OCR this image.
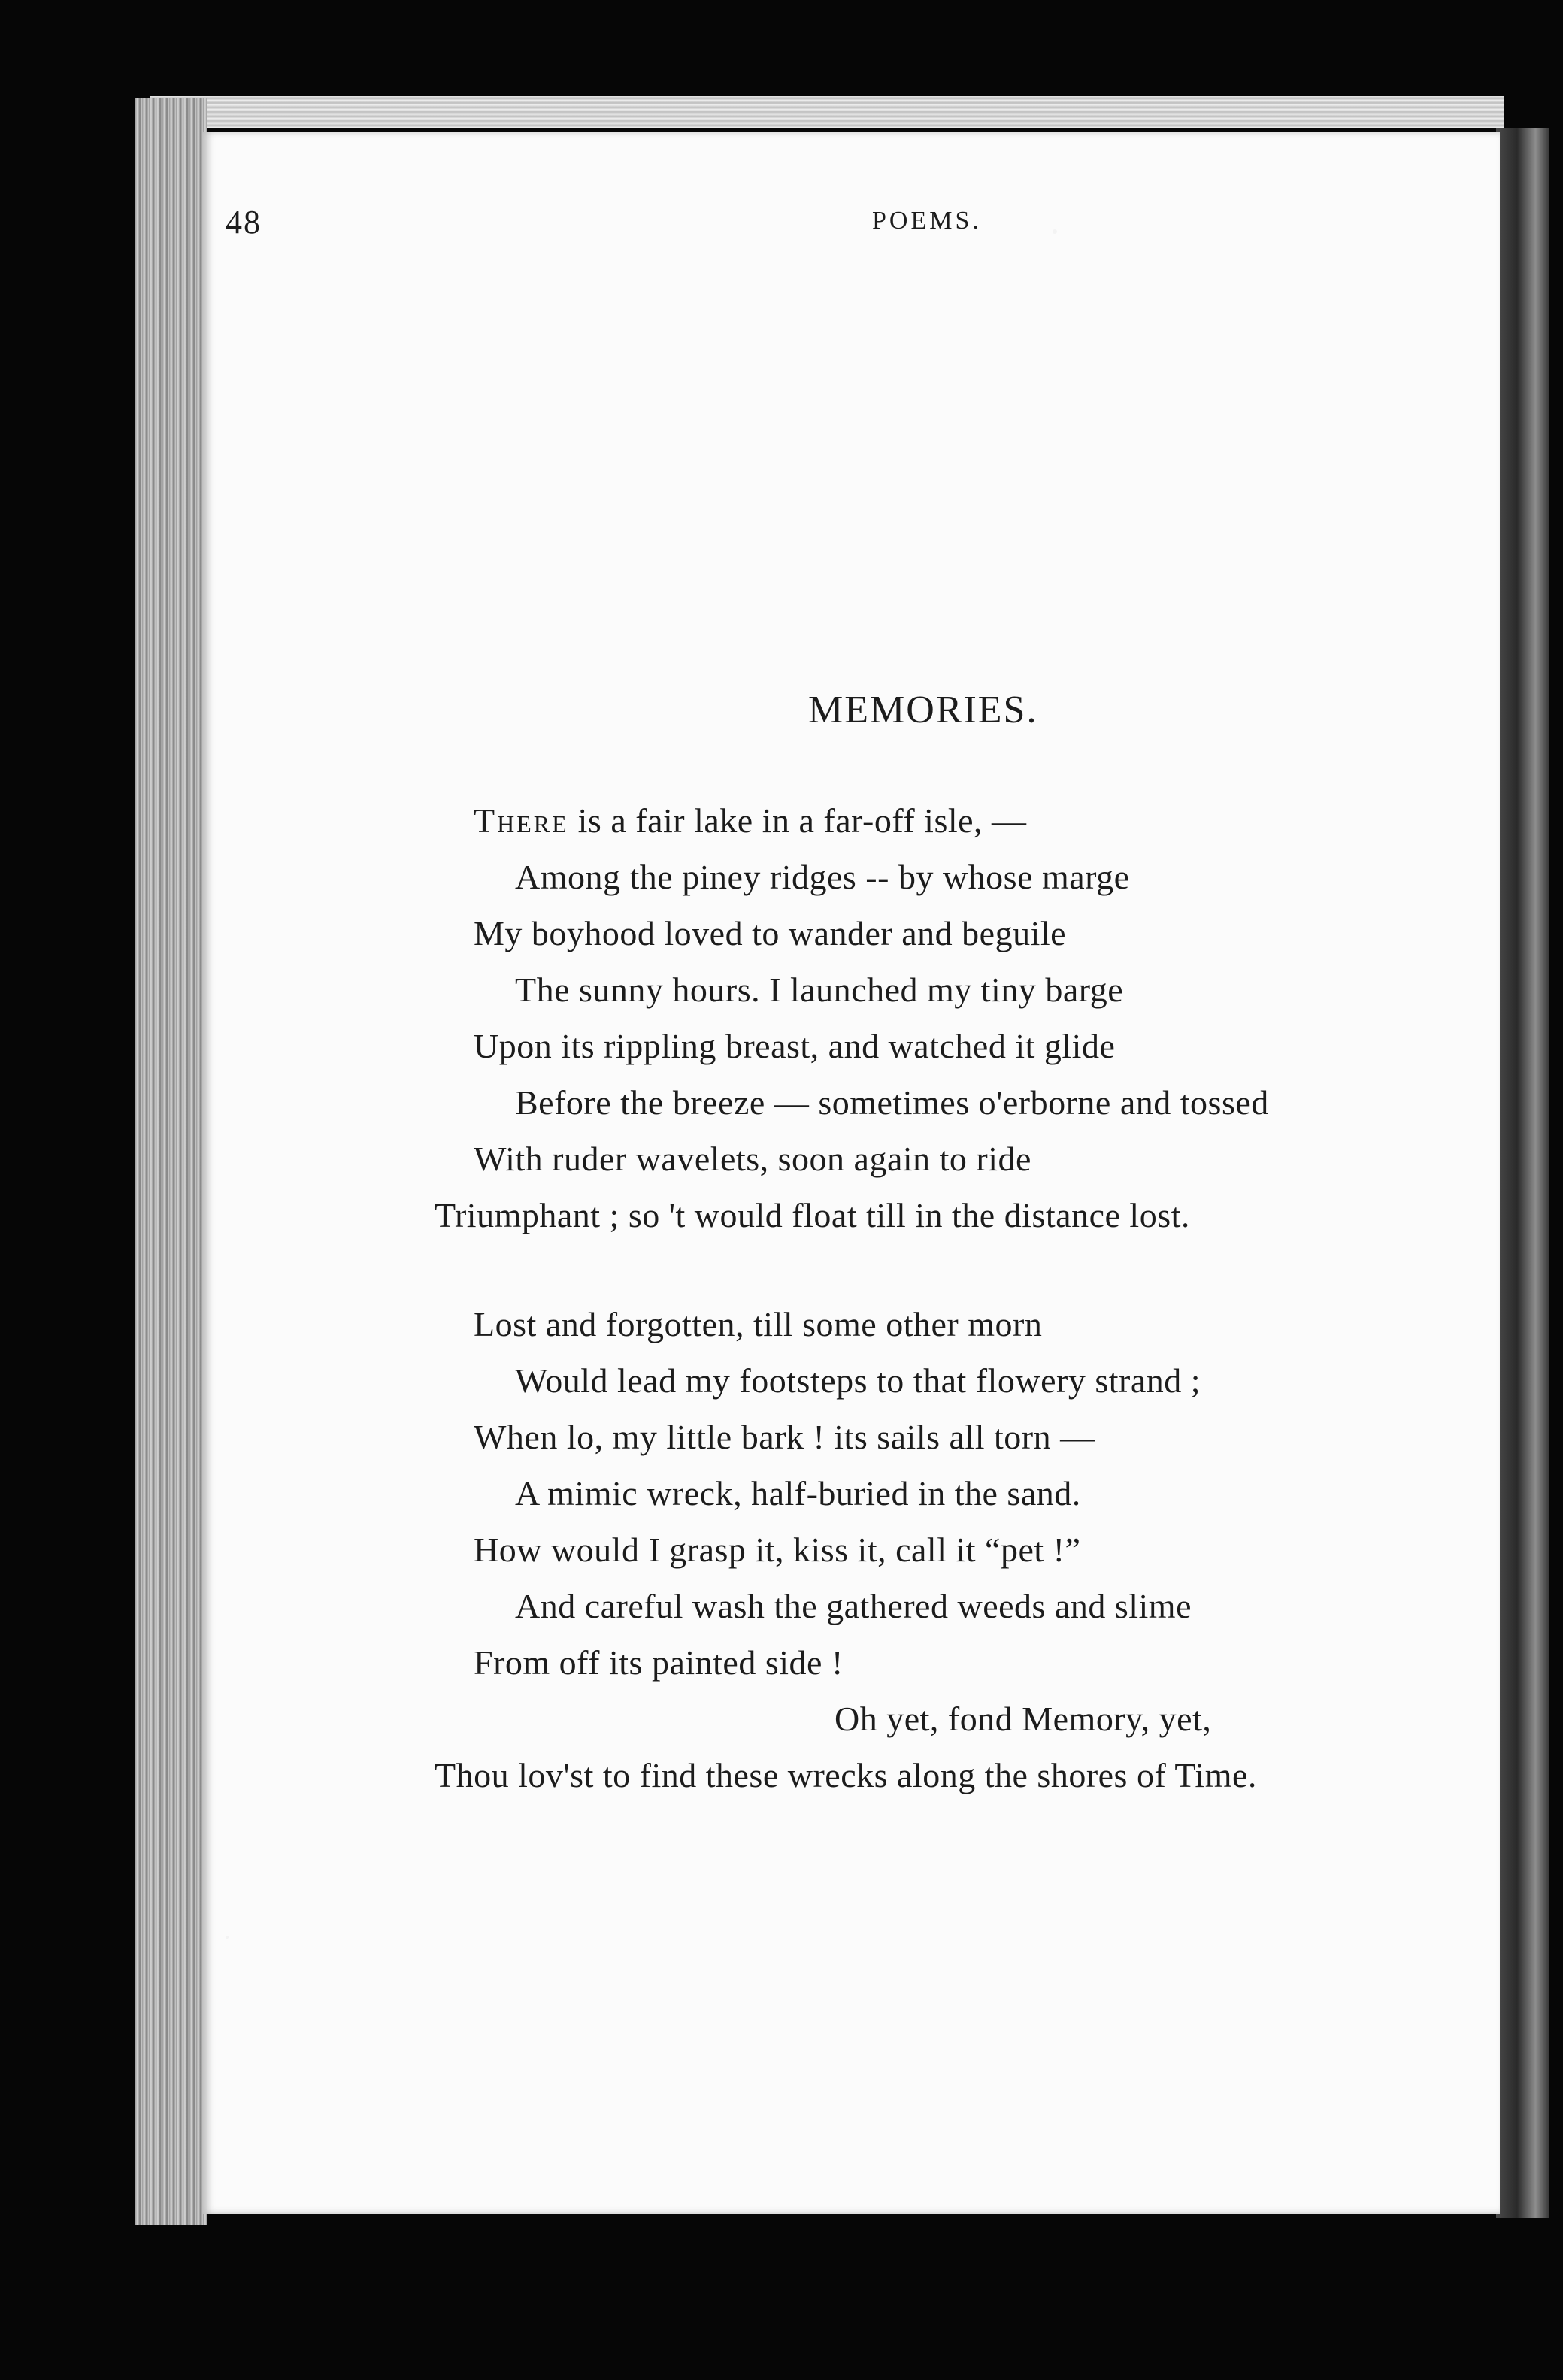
48	POEMS.
MEMORIES.
There is a fair lake in a far-off isle, —
Among the piney ridges -- by whose marge
My boyhood loved to wander and beguile
The sunny hours. I launched my tiny barge
Upon its rippling breast, and watched it glide
Before the breeze — sometimes o'erborne and tossed
With ruder wavelets, soon again to ride
Triumphant ; so 't would float till in the distance lost.
Lost and forgotten, till some other morn
Would lead my footsteps to that flowery strand ;
When lo, my little bark ! its sails all torn —
A mimic wreck, half-buried in the sand.
How would I grasp it, kiss it, call it “pet !”
And careful wash the gathered weeds and slime
From off its painted side !
Oh yet, fond Memory, yet,
Thou lov'st to find these wrecks along the shores of Time.
